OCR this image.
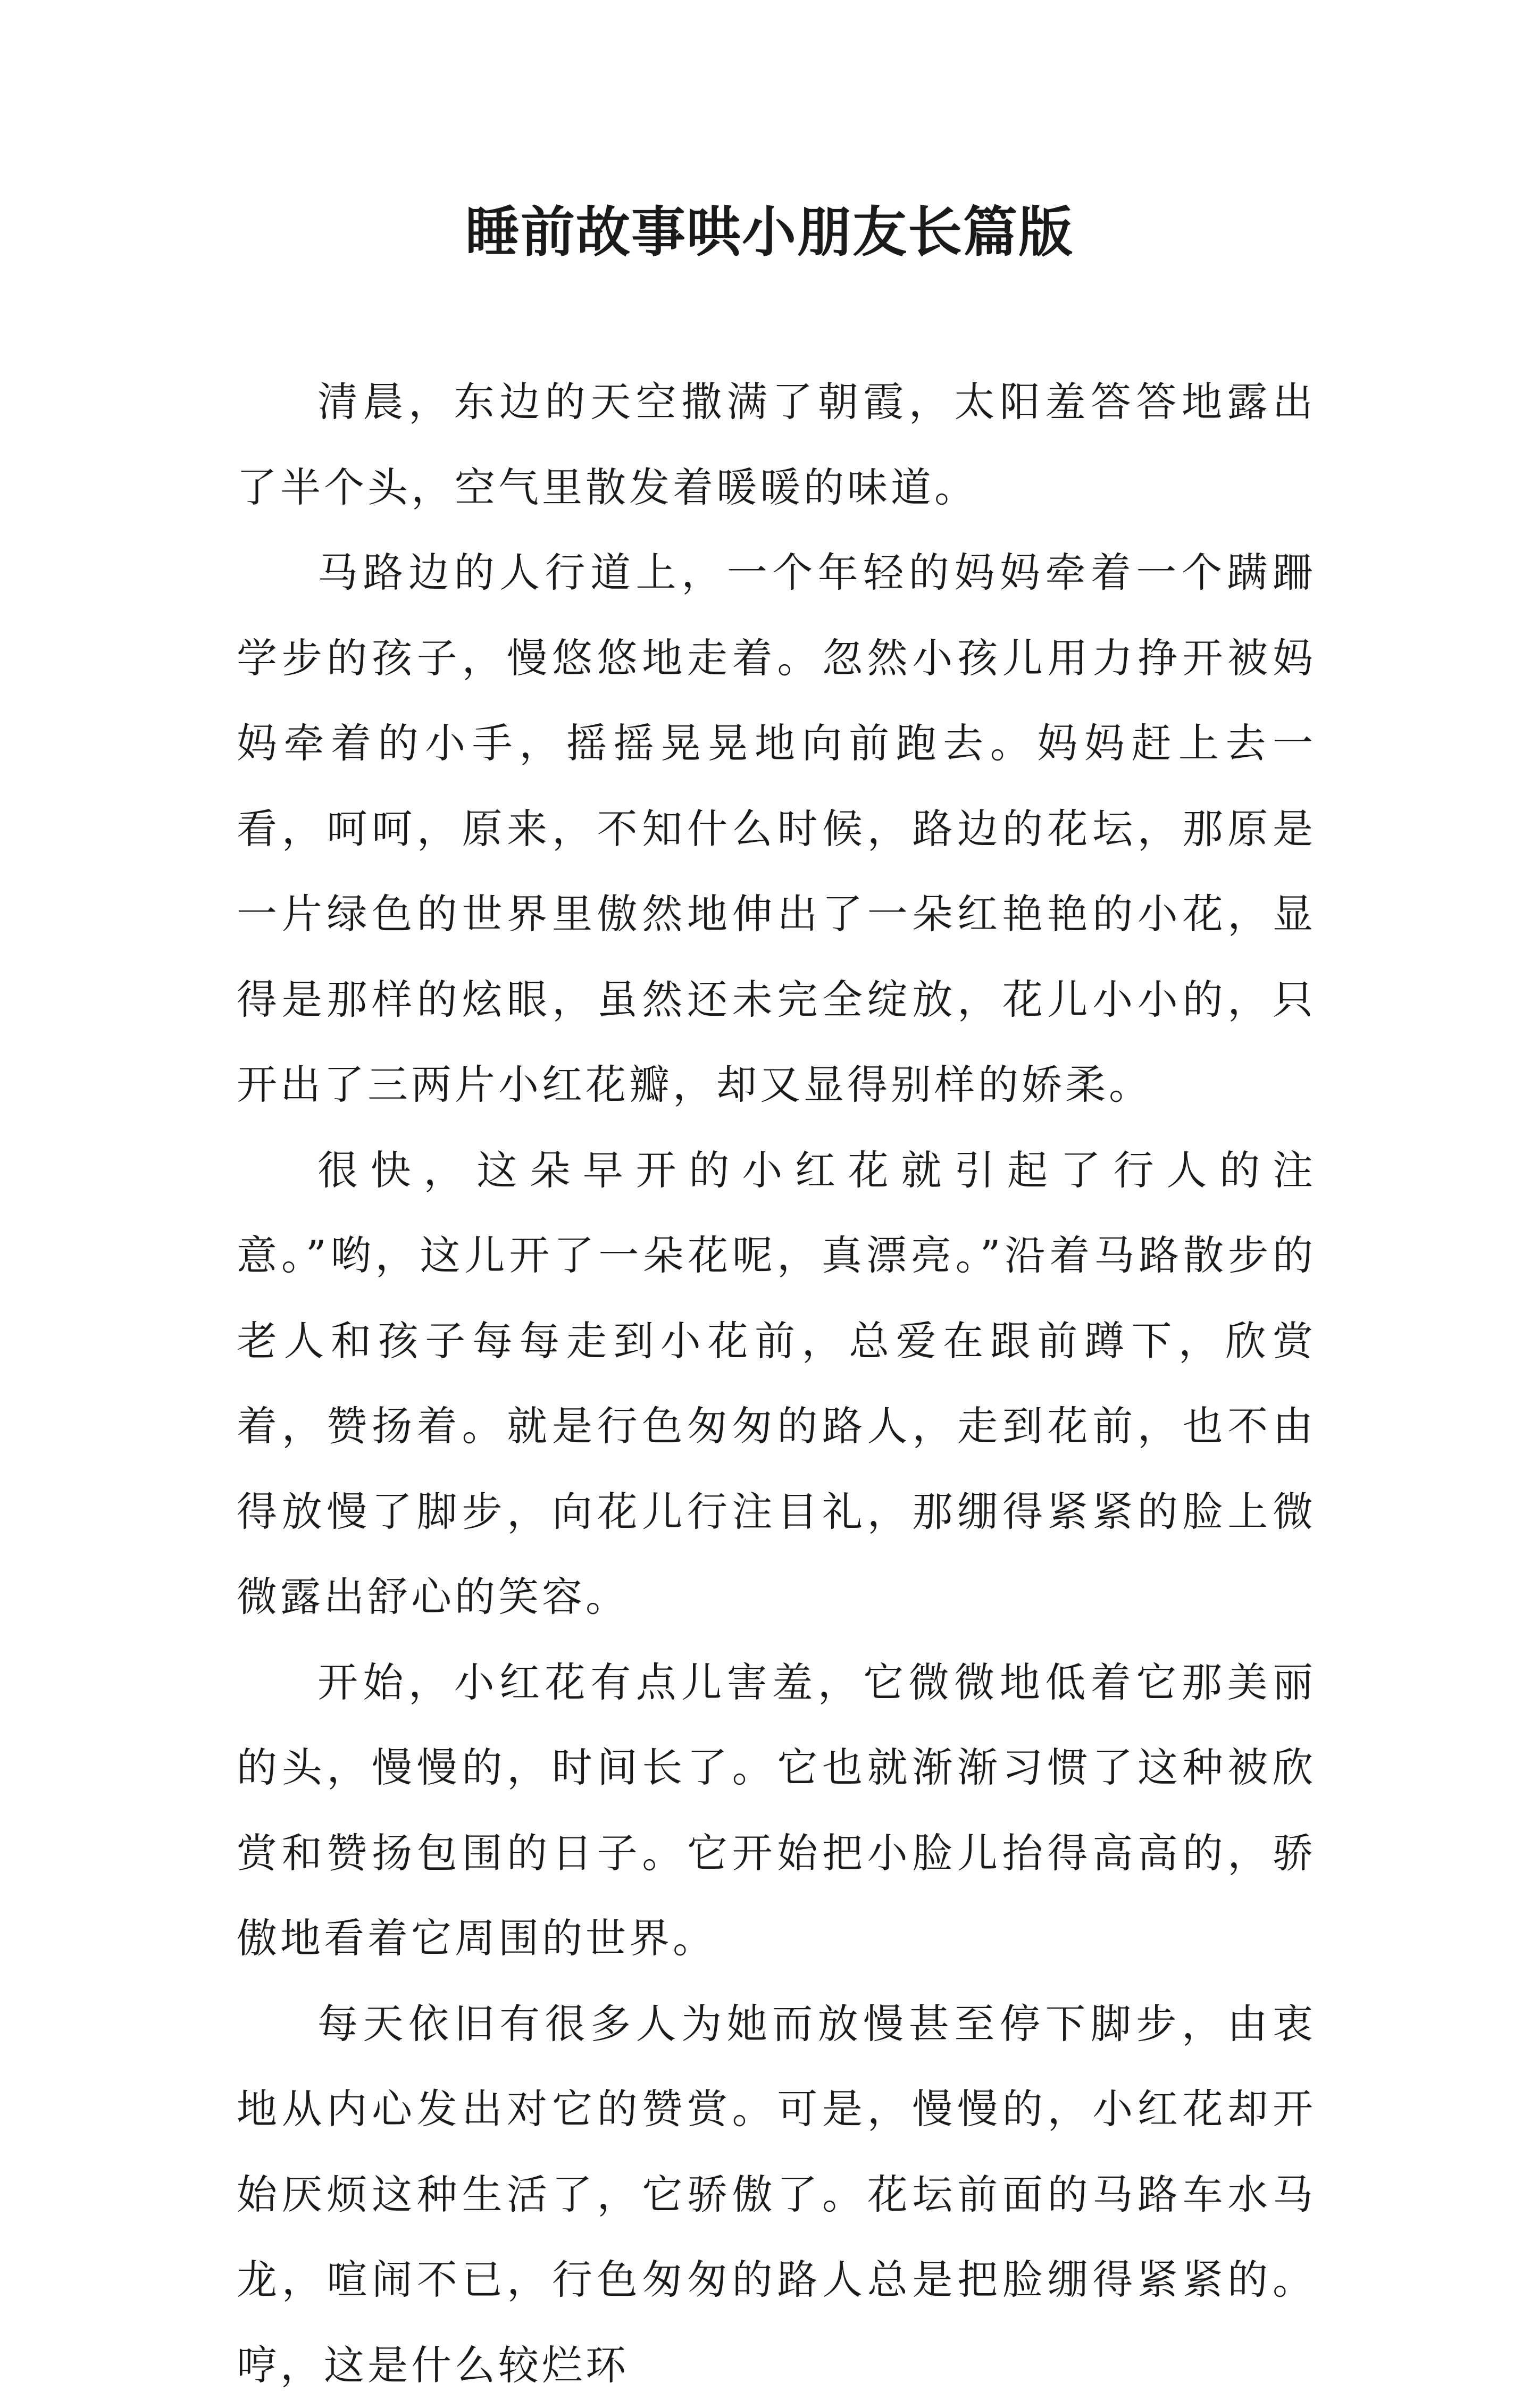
睡前故事哄小朋友长篇版

清晨，东边的天空撒满了朝霞，太阳羞答答地露出了半个头，空气里散发着暖暖的味道。

马路边的人行道上，一个年轻的妈妈牵着一个蹒跚学步的孩子，慢悠悠地走着。忽然小孩儿用力挣开被妈妈牵着的小手，摇摇晃晃地向前跑去。妈妈赶上去一看，呵呵，原来，不知什么时候，路边的花坛，那原是一片绿色的世界里傲然地伸出了一朵红艳艳的小花，显得是那样的炫眼，虽然还未完全绽放，花儿小小的，只开出了三两片小红花瓣，却又显得别样的娇柔。

很快，这朵早开的小红花就引起了行人的注意。”哟，这儿开了一朵花呢，真漂亮。”沿着马路散步的老人和孩子每每走到小花前，总爱在跟前蹲下，欣赏着，赞扬着。就是行色匆匆的路人，走到花前，也不由得放慢了脚步，向花儿行注目礼，那绷得紧紧的脸上微微露出舒心的笑容。

开始，小红花有点儿害羞，它微微地低着它那美丽的头，慢慢的，时间长了。它也就渐渐习惯了这种被欣赏和赞扬包围的日子。它开始把小脸儿抬得高高的，骄傲地看着它周围的世界。

每天依旧有很多人为她而放慢甚至停下脚步，由衷地从内心发出对它的赞赏。可是，慢慢的，小红花却开始厌烦这种生活了，它骄傲了。花坛前面的马路车水马龙，喧闹不已，行色匆匆的路人总是把脸绷得紧紧的。哼，这是什么较烂环
